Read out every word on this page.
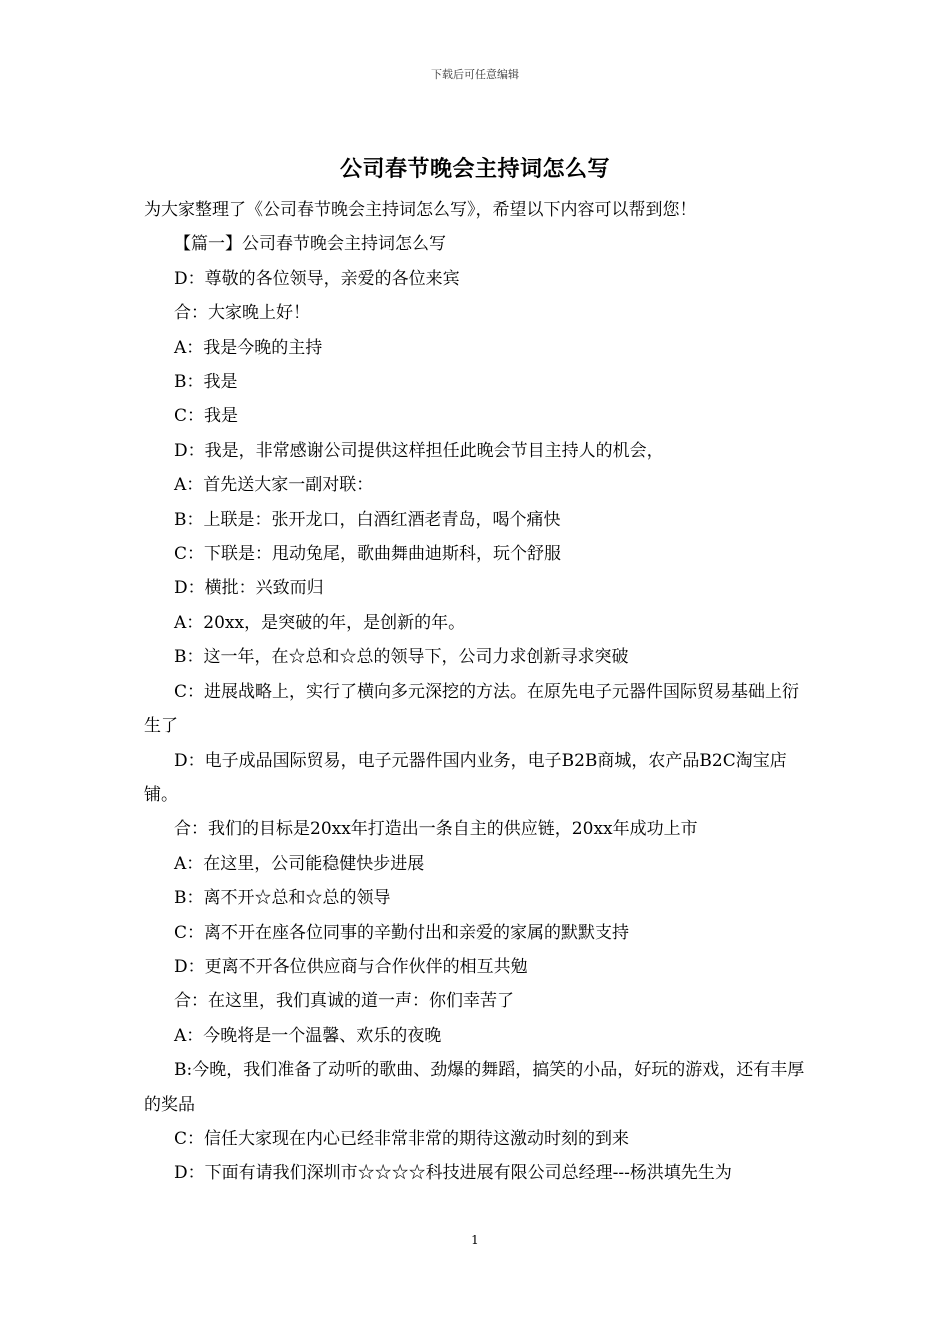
下载后可任意编辑
公司春节晚会主持词怎么写

为大家整理了《公司春节晚会主持词怎么写》，希望以下内容可以帮到您！

【篇一】公司春节晚会主持词怎么写

D：尊敬的各位领导，亲爱的各位来宾

合：大家晚上好！

A：我是今晚的主持

B：我是

C：我是

D：我是，非常感谢公司提供这样担任此晚会节目主持人的机会，

A：首先送大家一副对联：

B：上联是：张开龙口，白酒红酒老青岛，喝个痛快

C：下联是：甩动兔尾，歌曲舞曲迪斯科，玩个舒服

D：横批：兴致而归

A：20xx，是突破的年，是创新的年。

B：这一年，在☆总和☆总的领导下，公司力求创新寻求突破

C：进展战略上，实行了横向多元深挖的方法。在原先电子元器件国际贸易基础上衍生了

D：电子成品国际贸易，电子元器件国内业务，电子B2B商城，农产品B2C淘宝店铺。

合：我们的目标是20xx年打造出一条自主的供应链，20xx年成功上市

A：在这里，公司能稳健快步进展

B：离不开☆总和☆总的领导

C：离不开在座各位同事的辛勤付出和亲爱的家属的默默支持

D：更离不开各位供应商与合作伙伴的相互共勉

合：在这里，我们真诚的道一声：你们幸苦了

A：今晚将是一个温馨、欢乐的夜晚

B:今晚，我们准备了动听的歌曲、劲爆的舞蹈，搞笑的小品，好玩的游戏，还有丰厚的奖品

C：信任大家现在内心已经非常非常的期待这激动时刻的到来

D：下面有请我们深圳市☆☆☆☆科技进展有限公司总经理---杨洪填先生为

1
